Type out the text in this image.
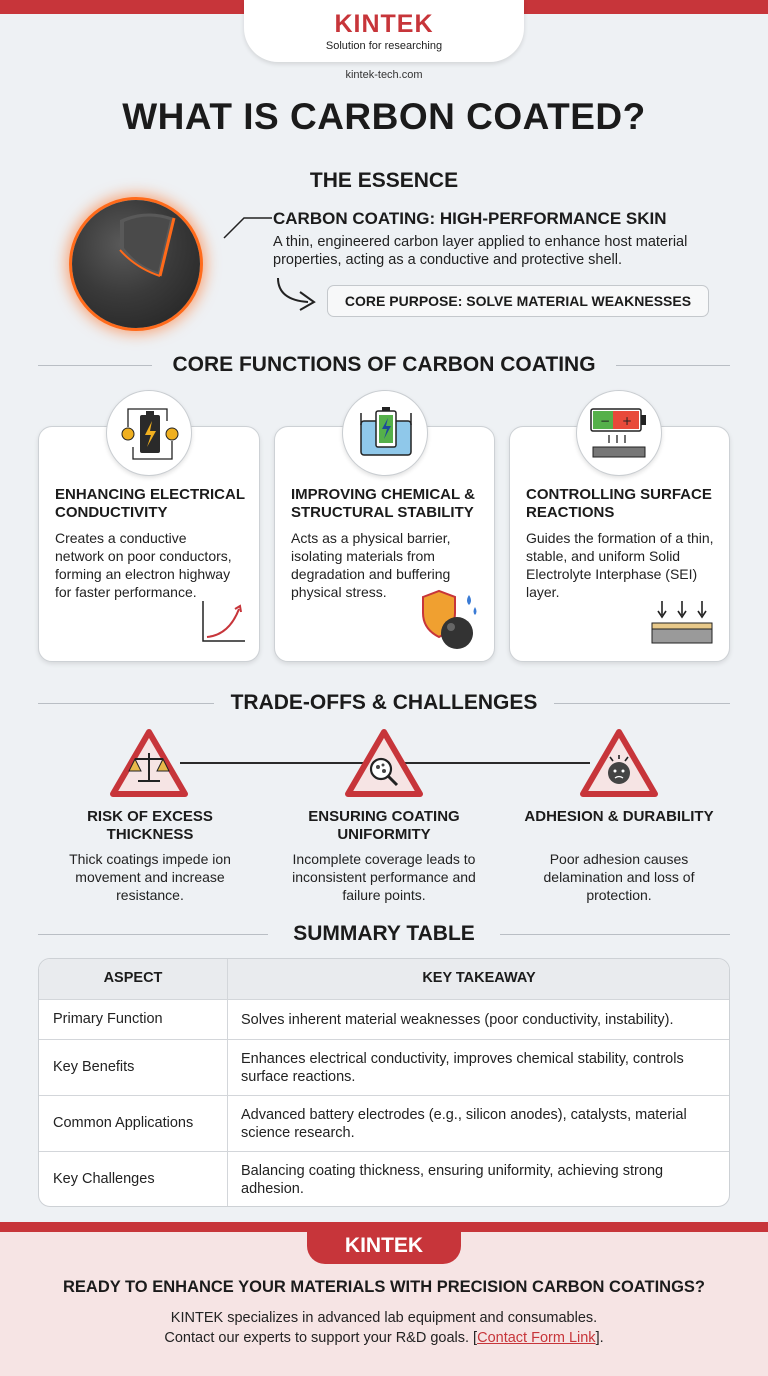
KINTEK
Solution for researching
kintek-tech.com
WHAT IS CARBON COATED?
THE ESSENCE
CARBON COATING: HIGH-PERFORMANCE SKIN
A thin, engineered carbon layer applied to enhance host material properties, acting as a conductive and protective shell.
CORE PURPOSE: SOLVE MATERIAL WEAKNESSES
CORE FUNCTIONS OF CARBON COATING
ENHANCING ELECTRICAL CONDUCTIVITY
Creates a conductive network on poor conductors, forming an electron highway for faster performance.
IMPROVING CHEMICAL & STRUCTURAL STABILITY
Acts as a physical barrier, isolating materials from degradation and buffering physical stress.
CONTROLLING SURFACE REACTIONS
Guides the formation of a thin, stable, and uniform Solid Electrolyte Interphase (SEI) layer.
− +
TRADE-OFFS & CHALLENGES
RISK OF EXCESS THICKNESS
Thick coatings impede ion movement and increase resistance.
ENSURING COATING UNIFORMITY
Incomplete coverage leads to inconsistent performance and failure points.
ADHESION & DURABILITY
Poor adhesion causes delamination and loss of protection.
SUMMARY TABLE
ASPECT	KEY TAKEAWAY
Primary Function	Solves inherent material weaknesses (poor conductivity, instability).
Key Benefits	Enhances electrical conductivity, improves chemical stability, controls surface reactions.
Common Applications	Advanced battery electrodes (e.g., silicon anodes), catalysts, material science research.
Key Challenges	Balancing coating thickness, ensuring uniformity, achieving strong adhesion.
KINTEK
READY TO ENHANCE YOUR MATERIALS WITH PRECISION CARBON COATINGS?
KINTEK specializes in advanced lab equipment and consumables.
Contact our experts to support your R&D goals. [Contact Form Link].
